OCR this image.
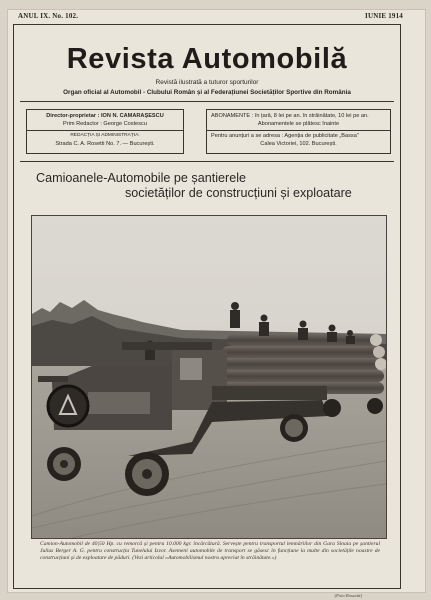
ANUL IX. No. 102.	IUNIE 1914
Revista Automobilă
Revistă ilustrată a tuturor sporturilor
Organ oficial al Automobil - Clubului Român și al Federațiunei Societăților Sportive din România
Director-proprietar : ION N. CAMARAȘESCU
Prim Redactor : George Costescu
REDACȚIA ȘI ADMINISTRAȚIA:
Strada C. A. Rosetti No. 7. — București.
ABONAMENTE : în țară, 8 lei pe an. în străinătate, 10 lei pe an.
Abonamentele se plătesc înainte
Pentru anunțuri a se adresa : Agenția de publicitate „Bassa”
Calea Victoriei, 102. București.
Camioanele-Automobile pe șantierele
societăților de construcțiuni și exploatare
Camion-Automobil de 40|50 Hp. cu remorcă și pentru 10.000 kgr. încărcătură. Servește pentru transportul lemnăriilor din Gara Sinaia pe șantierul Julius Berger A. G. pentru construcția Tunelului Izvor. Asemeni automobile de transport se găsesc în funcțiune la multe din societățile noastre de construcțiuni și de exploatare de păduri. (Vezi articolul «Automobilismul nostru apreciat în străinătate.»)
(Foto Rossetti)
